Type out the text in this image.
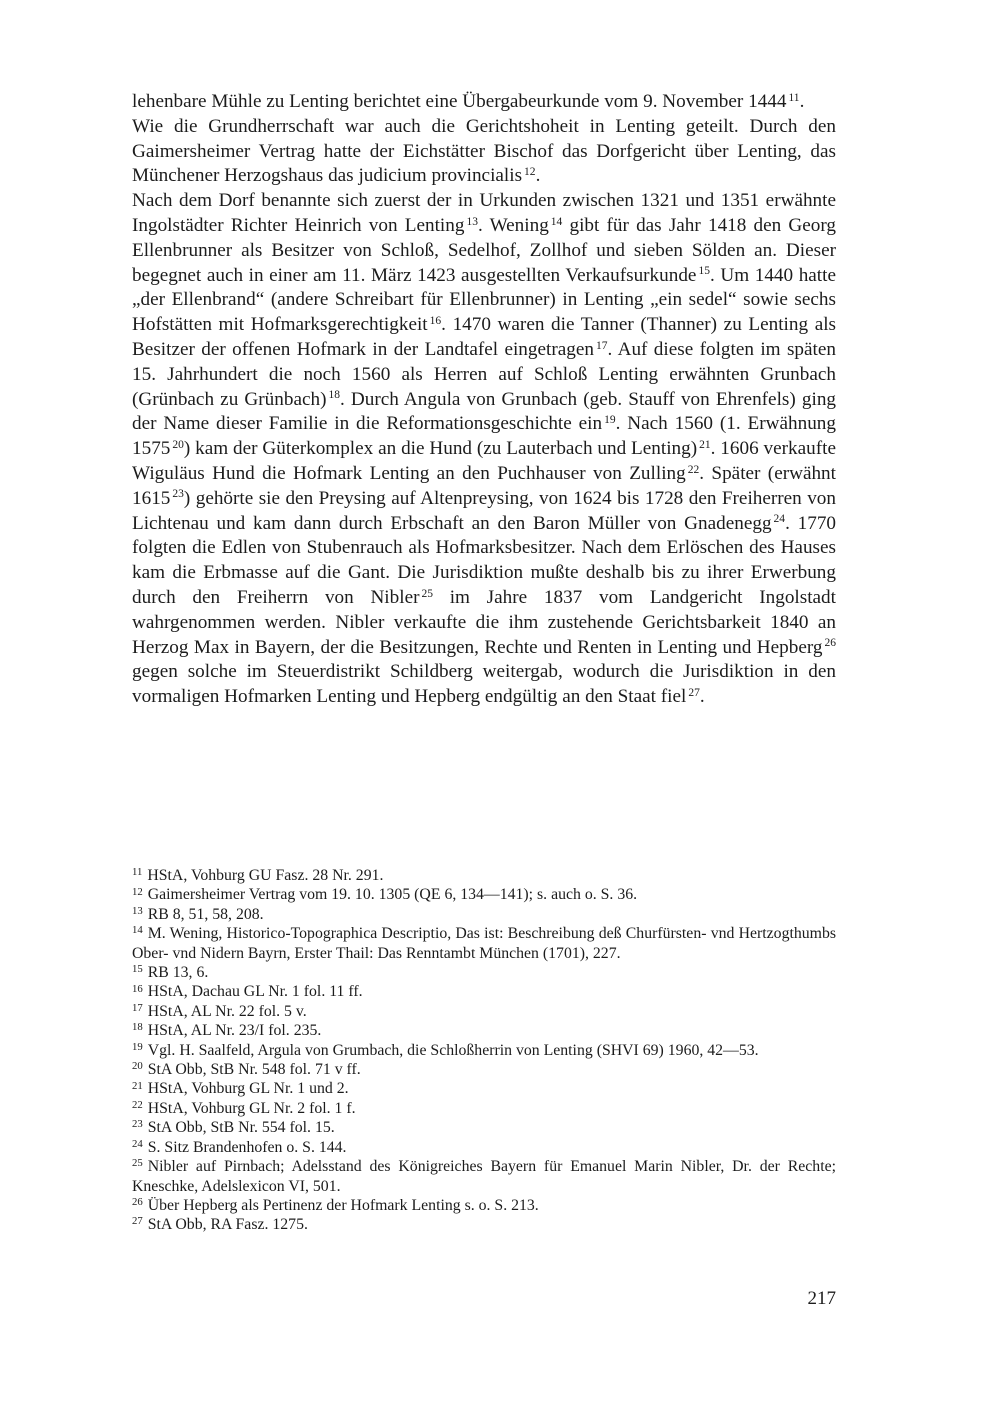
lehenbare Mühle zu Lenting berichtet eine Übergabeurkunde vom 9. November 1444 $^{11}$.

Wie die Grundherrschaft war auch die Gerichtshoheit in Lenting geteilt. Durch den Gaimersheimer Vertrag hatte der Eichstätter Bischof das Dorfgericht über Lenting, das Münchener Herzogshaus das judicium provincialis $^{12}$.

Nach dem Dorf benannte sich zuerst der in Urkunden zwischen 1321 und 1351 erwähnte Ingolstädter Richter Heinrich von Lenting $^{13}$. Wening $^{14}$ gibt für das Jahr 1418 den Georg Ellenbrunner als Besitzer von Schloß, Sedelhof, Zollhof und sieben Sölden an. Dieser begegnet auch in einer am 11. März 1423 ausgestellten Verkaufsurkunde $^{15}$. Um 1440 hatte „der Ellenbrand“ (andere Schreibart für Ellenbrunner) in Lenting „ein sedel“ sowie sechs Hofstätten mit Hofmarksgerechtigkeit $^{16}$. 1470 waren die Tanner (Thanner) zu Lenting als Besitzer der offenen Hofmark in der Landtafel eingetragen $^{17}$. Auf diese folgten im späten 15. Jahrhundert die noch 1560 als Herren auf Schloß Lenting erwähnten Grunbach (Grünbach zu Grünbach) $^{18}$. Durch Angula von Grunbach (geb. Stauff von Ehrenfels) ging der Name dieser Familie in die Reformationsgeschichte ein $^{19}$. Nach 1560 (1. Erwähnung 1575 $^{20}$) kam der Güterkomplex an die Hund (zu Lauterbach und Lenting) $^{21}$. 1606 verkaufte Wiguläus Hund die Hofmark Lenting an den Puchhauser von Zulling $^{22}$. Später (erwähnt 1615 $^{23}$) gehörte sie den Preysing auf Altenpreysing, von 1624 bis 1728 den Freiherren von Lichtenau und kam dann durch Erbschaft an den Baron Müller von Gnadenegg $^{24}$. 1770 folgten die Edlen von Stubenrauch als Hofmarksbesitzer. Nach dem Erlöschen des Hauses kam die Erbmasse auf die Gant. Die Jurisdiktion mußte deshalb bis zu ihrer Erwerbung durch den Freiherrn von Nibler $^{25}$ im Jahre 1837 vom Landgericht Ingolstadt wahrgenommen werden. Nibler verkaufte die ihm zustehende Gerichtsbarkeit 1840 an Herzog Max in Bayern, der die Besitzungen, Rechte und Renten in Lenting und Hepberg $^{26}$ gegen solche im Steuerdistrikt Schildberg weitergab, wodurch die Jurisdiktion in den vormaligen Hofmarken Lenting und Hepberg endgültig an den Staat fiel $^{27}$.

$^{11}$ HStA, Vohburg GU Fasz. 28 Nr. 291.
$^{12}$ Gaimersheimer Vertrag vom 19. 10. 1305 (QE 6, 134—141); s. auch o. S. 36.
$^{13}$ RB 8, 51, 58, 208.
$^{14}$ M. Wening, Historico-Topographica Descriptio, Das ist: Beschreibung deß Churfürsten- vnd Hertzogthumbs Ober- vnd Nidern Bayrn, Erster Thail: Das Renntambt München (1701), 227.
$^{15}$ RB 13, 6.
$^{16}$ HStA, Dachau GL Nr. 1 fol. 11 ff.
$^{17}$ HStA, AL Nr. 22 fol. 5 v.
$^{18}$ HStA, AL Nr. 23/I fol. 235.
$^{19}$ Vgl. H. Saalfeld, Argula von Grumbach, die Schloßherrin von Lenting (SHVI 69) 1960, 42—53.
$^{20}$ StA Obb, StB Nr. 548 fol. 71 v ff.
$^{21}$ HStA, Vohburg GL Nr. 1 und 2.
$^{22}$ HStA, Vohburg GL Nr. 2 fol. 1 f.
$^{23}$ StA Obb, StB Nr. 554 fol. 15.
$^{24}$ S. Sitz Brandenhofen o. S. 144.
$^{25}$ Nibler auf Pirnbach; Adelsstand des Königreiches Bayern für Emanuel Marin Nibler, Dr. der Rechte; Kneschke, Adelslexicon VI, 501.
$^{26}$ Über Hepberg als Pertinenz der Hofmark Lenting s. o. S. 213.
$^{27}$ StA Obb, RA Fasz. 1275.
217
